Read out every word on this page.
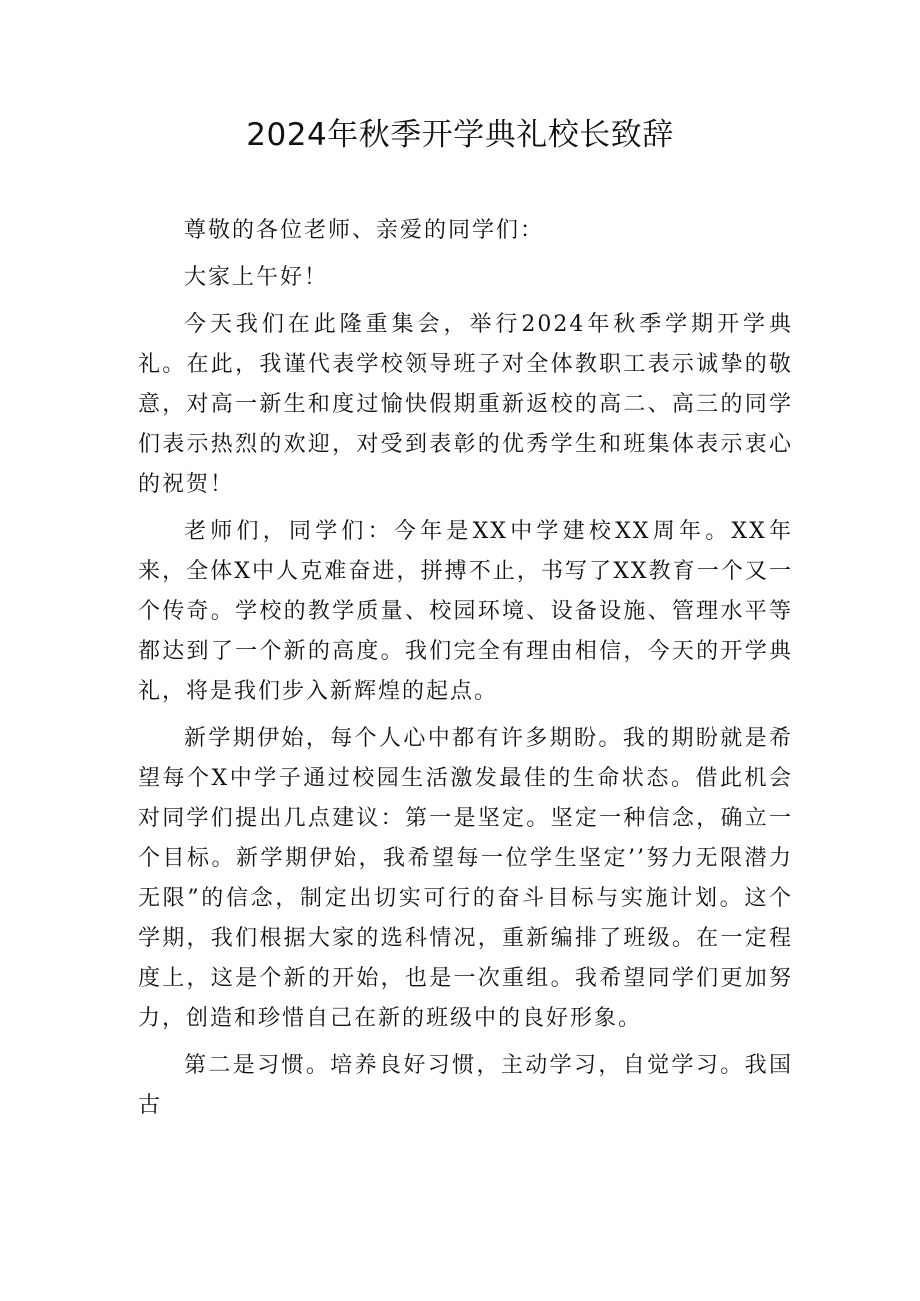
2024年秋季开学典礼校长致辞

尊敬的各位老师、亲爱的同学们：

大家上午好！

今天我们在此隆重集会，举行2024年秋季学期开学典礼。在此，我谨代表学校领导班子对全体教职工表示诚挚的敬意，对高一新生和度过愉快假期重新返校的高二、高三的同学们表示热烈的欢迎，对受到表彰的优秀学生和班集体表示衷心的祝贺！

老师们，同学们：今年是XX中学建校XX周年。XX年来，全体X中人克难奋进，拼搏不止，书写了XX教育一个又一个传奇。学校的教学质量、校园环境、设备设施、管理水平等都达到了一个新的高度。我们完全有理由相信，今天的开学典礼，将是我们步入新辉煌的起点。

新学期伊始，每个人心中都有许多期盼。我的期盼就是希望每个X中学子通过校园生活激发最佳的生命状态。借此机会对同学们提出几点建议：第一是坚定。坚定一种信念，确立一个目标。新学期伊始，我希望每一位学生坚定’’努力无限潜力无限”的信念，制定出切实可行的奋斗目标与实施计划。这个学期，我们根据大家的选科情况，重新编排了班级。在一定程度上，这是个新的开始，也是一次重组。我希望同学们更加努力，创造和珍惜自己在新的班级中的良好形象。

第二是习惯。培养良好习惯，主动学习，自觉学习。我国古
